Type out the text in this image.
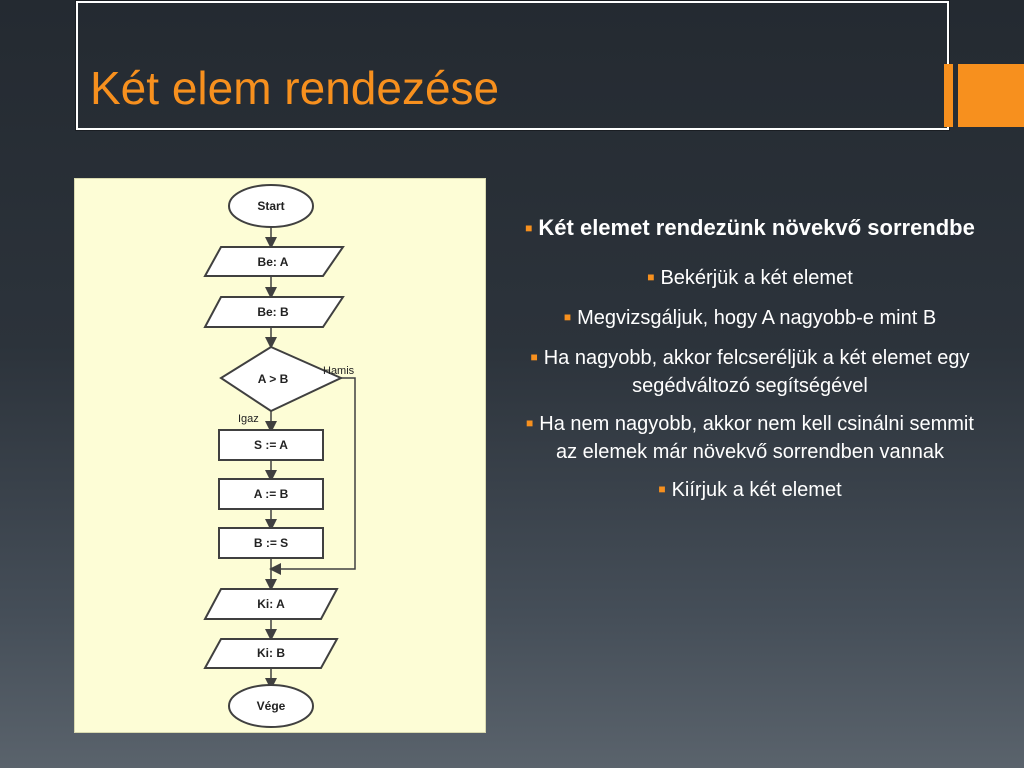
Két elem rendezése
Start
Be: A
Be: B
A > B
S := A
A := B
B := S
Ki: A
Ki: B
Vége
Hamis
Igaz
■ Két elemet rendezünk növekvő sorrendbe
■ Bekérjük a két elemet
■ Megvizsgáljuk, hogy A nagyobb-e mint B
■ Ha nagyobb, akkor felcseréljük a két elemet egy segédváltozó segítségével
■ Ha nem nagyobb, akkor nem kell csinálni semmit az elemek már növekvő sorrendben vannak
■ Kiírjuk a két elemet
